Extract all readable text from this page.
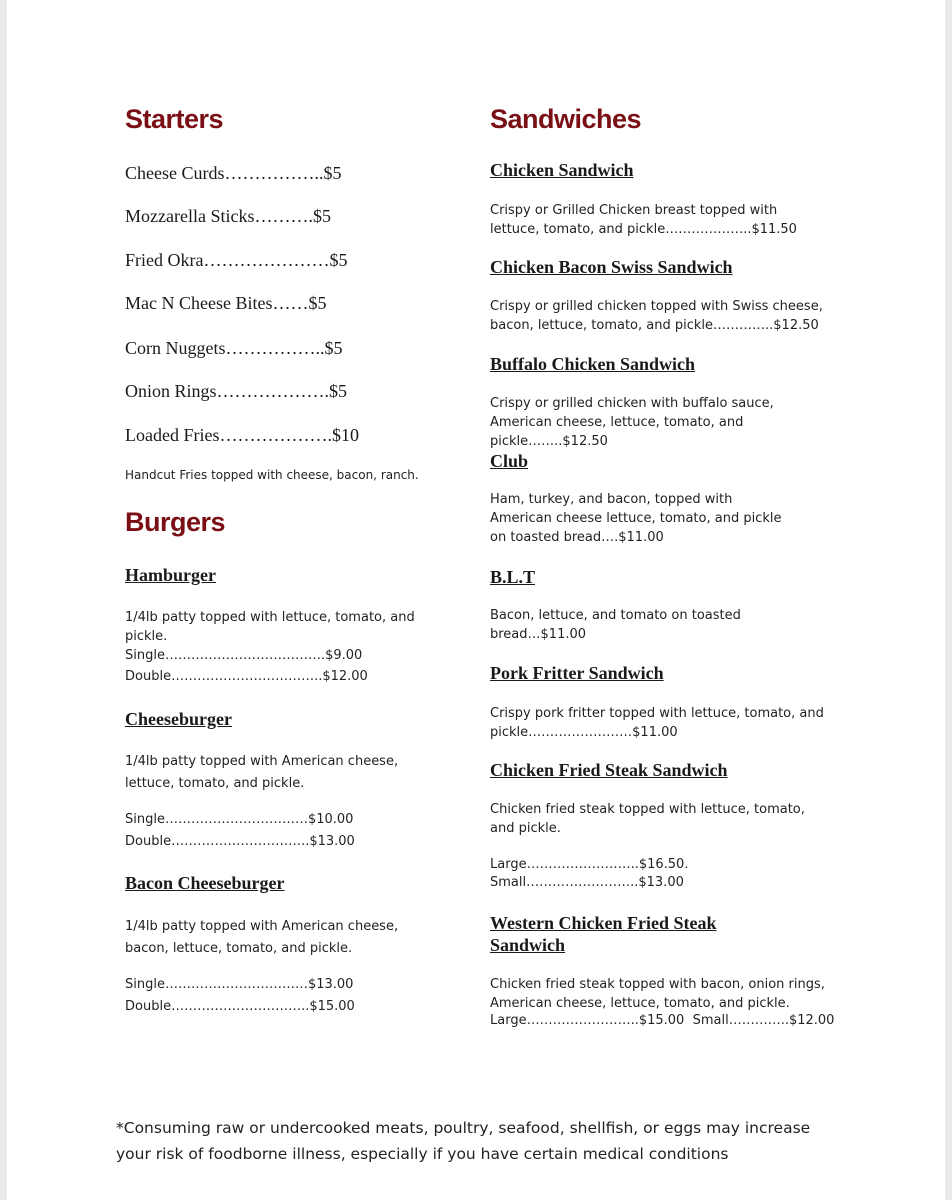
Starters
Cheese Curds……………..$5
Mozzarella Sticks……….$5
Fried Okra…………………$5
Mac N Cheese Bites……$5
Corn Nuggets……………..$5
Onion Rings……………….$5
Loaded Fries……………….$10
Handcut Fries topped with cheese, bacon, ranch.
Burgers
Hamburger
1/4lb patty topped with lettuce, tomato, and pickle.
Single……………………………….$9.00
Double……………………………..$12.00
Cheeseburger
1/4lb patty topped with American cheese, lettuce, tomato, and pickle.
Single……………………………$10.00
Double…………………………..$13.00
Bacon Cheeseburger
1/4lb patty topped with American cheese, bacon, lettuce, tomato, and pickle.
Single……………………………$13.00
Double…………………………..$15.00
Sandwiches
Chicken Sandwich
Crispy or Grilled Chicken breast topped with lettuce, tomato, and pickle………………..$11.50
Chicken Bacon Swiss Sandwich
Crispy or grilled chicken topped with Swiss cheese, bacon, lettuce, tomato, and pickle…………..$12.50
Buffalo Chicken Sandwich
Crispy or grilled chicken with buffalo sauce, American cheese, lettuce, tomato, and pickle……..$12.50
Club
Ham, turkey, and bacon, topped with American cheese lettuce, tomato, and pickle on toasted bread….$11.00
B.L.T
Bacon, lettuce, and tomato on toasted bread…$11.00
Pork Fritter Sandwich
Crispy pork fritter topped with lettuce, tomato, and pickle……………………$11.00
Chicken Fried Steak Sandwich
Chicken fried steak topped with lettuce, tomato, and pickle.
Large……………………..$16.50.
Small……………………..$13.00
Western Chicken Fried Steak Sandwich
Chicken fried steak topped with bacon, onion rings, American cheese, lettuce, tomato, and pickle.
Large……………………..$15.00  Small…………..$12.00
*Consuming raw or undercooked meats, poultry, seafood, shellfish, or eggs may increase your risk of foodborne illness, especially if you have certain medical conditions
